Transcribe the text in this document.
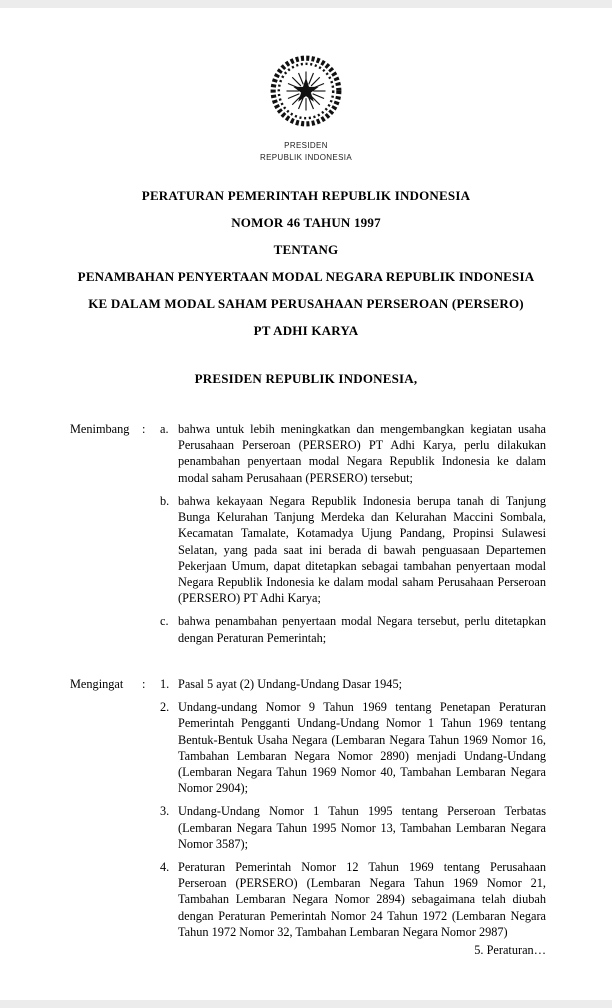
PRESIDEN
REPUBLIK INDONESIA
PERATURAN PEMERINTAH REPUBLIK INDONESIA
NOMOR 46 TAHUN 1997
TENTANG
PENAMBAHAN PENYERTAAN MODAL NEGARA REPUBLIK INDONESIA
KE DALAM MODAL SAHAM PERUSAHAAN PERSEROAN (PERSERO)
PT ADHI KARYA
PRESIDEN REPUBLIK INDONESIA,
Menimbang	:	a. bahwa untuk lebih meningkatkan dan mengembangkan kegiatan usaha Perusahaan Perseroan (PERSERO) PT Adhi Karya, perlu dilakukan penambahan penyertaan modal Negara Republik Indonesia ke dalam modal saham Perusahaan (PERSERO) tersebut;
b. bahwa kekayaan Negara Republik Indonesia berupa tanah di Tanjung Bunga Kelurahan Tanjung Merdeka dan Kelurahan Maccini Sombala, Kecamatan Tamalate, Kotamadya Ujung Pandang, Propinsi Sulawesi Selatan, yang pada saat ini berada di bawah penguasaan Departemen Pekerjaan Umum, dapat ditetapkan sebagai tambahan penyertaan modal Negara Republik Indonesia ke dalam modal saham Perusahaan Perseroan (PERSERO) PT Adhi Karya;
c. bahwa penambahan penyertaan modal Negara tersebut, perlu ditetapkan dengan Peraturan Pemerintah;
Mengingat	:	1. Pasal 5 ayat (2) Undang-Undang Dasar 1945;
2. Undang-undang Nomor 9 Tahun 1969 tentang Penetapan Peraturan Pemerintah Pengganti Undang-Undang Nomor 1 Tahun 1969 tentang Bentuk-Bentuk Usaha Negara (Lembaran Negara Tahun 1969 Nomor 16, Tambahan Lembaran Negara Nomor 2890) menjadi Undang-Undang (Lembaran Negara Tahun 1969 Nomor 40, Tambahan Lembaran Negara Nomor 2904);
3. Undang-Undang Nomor 1 Tahun 1995 tentang Perseroan Terbatas (Lembaran Negara Tahun 1995 Nomor 13, Tambahan Lembaran Negara Nomor 3587);
4. Peraturan Pemerintah Nomor 12 Tahun 1969 tentang Perusahaan Perseroan (PERSERO) (Lembaran Negara Tahun 1969 Nomor 21, Tambahan Lembaran Negara Nomor 2894) sebagaimana telah diubah dengan Peraturan Pemerintah Nomor 24 Tahun 1972 (Lembaran Negara Tahun 1972 Nomor 32, Tambahan Lembaran Negara Nomor 2987)
5. Peraturan…
